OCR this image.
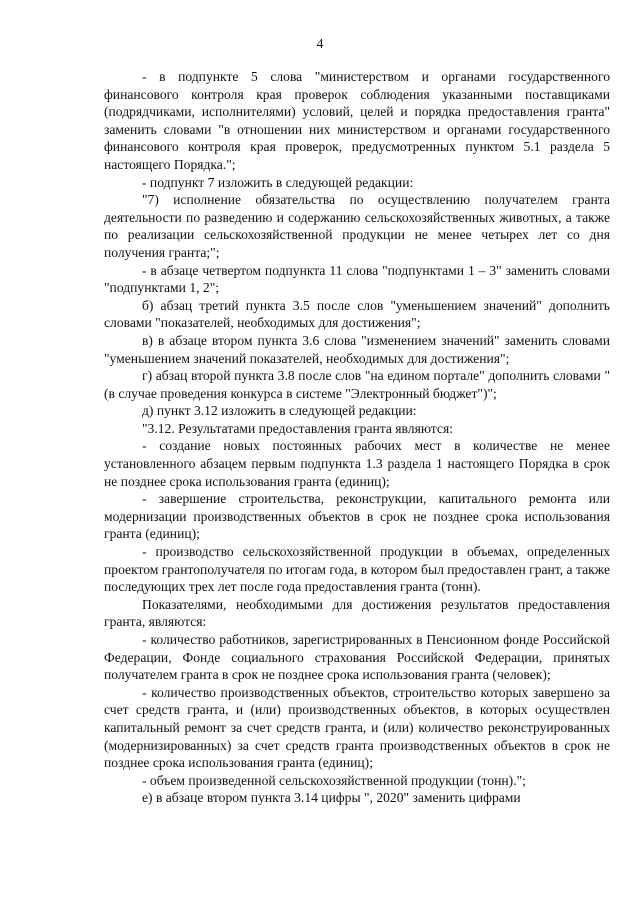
4

- в подпункте 5 слова "министерством и органами государственного финансового контроля края проверок соблюдения указанными поставщиками (подрядчиками, исполнителями) условий, целей и порядка предоставления гранта" заменить словами "в отношении них министерством и органами государственного финансового контроля края проверок, предусмотренных пунктом 5.1 раздела 5 настоящего Порядка.";

- подпункт 7 изложить в следующей редакции:

"7) исполнение обязательства по осуществлению получателем гранта деятельности по разведению и содержанию сельскохозяйственных животных, а также по реализации сельскохозяйственной продукции не менее четырех лет со дня получения гранта;";

- в абзаце четвертом подпункта 11 слова "подпунктами 1 – 3" заменить словами "подпунктами 1, 2";

б) абзац третий пункта 3.5 после слов "уменьшением значений" дополнить словами "показателей, необходимых для достижения";

в) в абзаце втором пункта 3.6 слова "изменением значений" заменить словами "уменьшением значений показателей, необходимых для достижения";

г) абзац второй пункта 3.8 после слов "на едином портале" дополнить словами "(в случае проведения конкурса в системе "Электронный бюджет")";

д) пункт 3.12 изложить в следующей редакции:

"3.12. Результатами предоставления гранта являются:

- создание новых постоянных рабочих мест в количестве не менее установленного абзацем первым подпункта 1.3 раздела 1 настоящего Порядка в срок не позднее срока использования гранта (единиц);

- завершение строительства, реконструкции, капитального ремонта или модернизации производственных объектов в срок не позднее срока использования гранта (единиц);

- производство сельскохозяйственной продукции в объемах, определенных проектом грантополучателя по итогам года, в котором был предоставлен грант, а также последующих трех лет после года предоставления гранта (тонн).

Показателями, необходимыми для достижения результатов предоставления гранта, являются:

- количество работников, зарегистрированных в Пенсионном фонде Российской Федерации, Фонде социального страхования Российской Федерации, принятых получателем гранта в срок не позднее срока использования гранта (человек);

- количество производственных объектов, строительство которых завершено за счет средств гранта, и (или) производственных объектов, в которых осуществлен капитальный ремонт за счет средств гранта, и (или) количество реконструированных (модернизированных) за счет средств гранта производственных объектов в срок не позднее срока использования гранта (единиц);

- объем произведенной сельскохозяйственной продукции (тонн).";

е) в абзаце втором пункта 3.14 цифры ", 2020" заменить цифрами
